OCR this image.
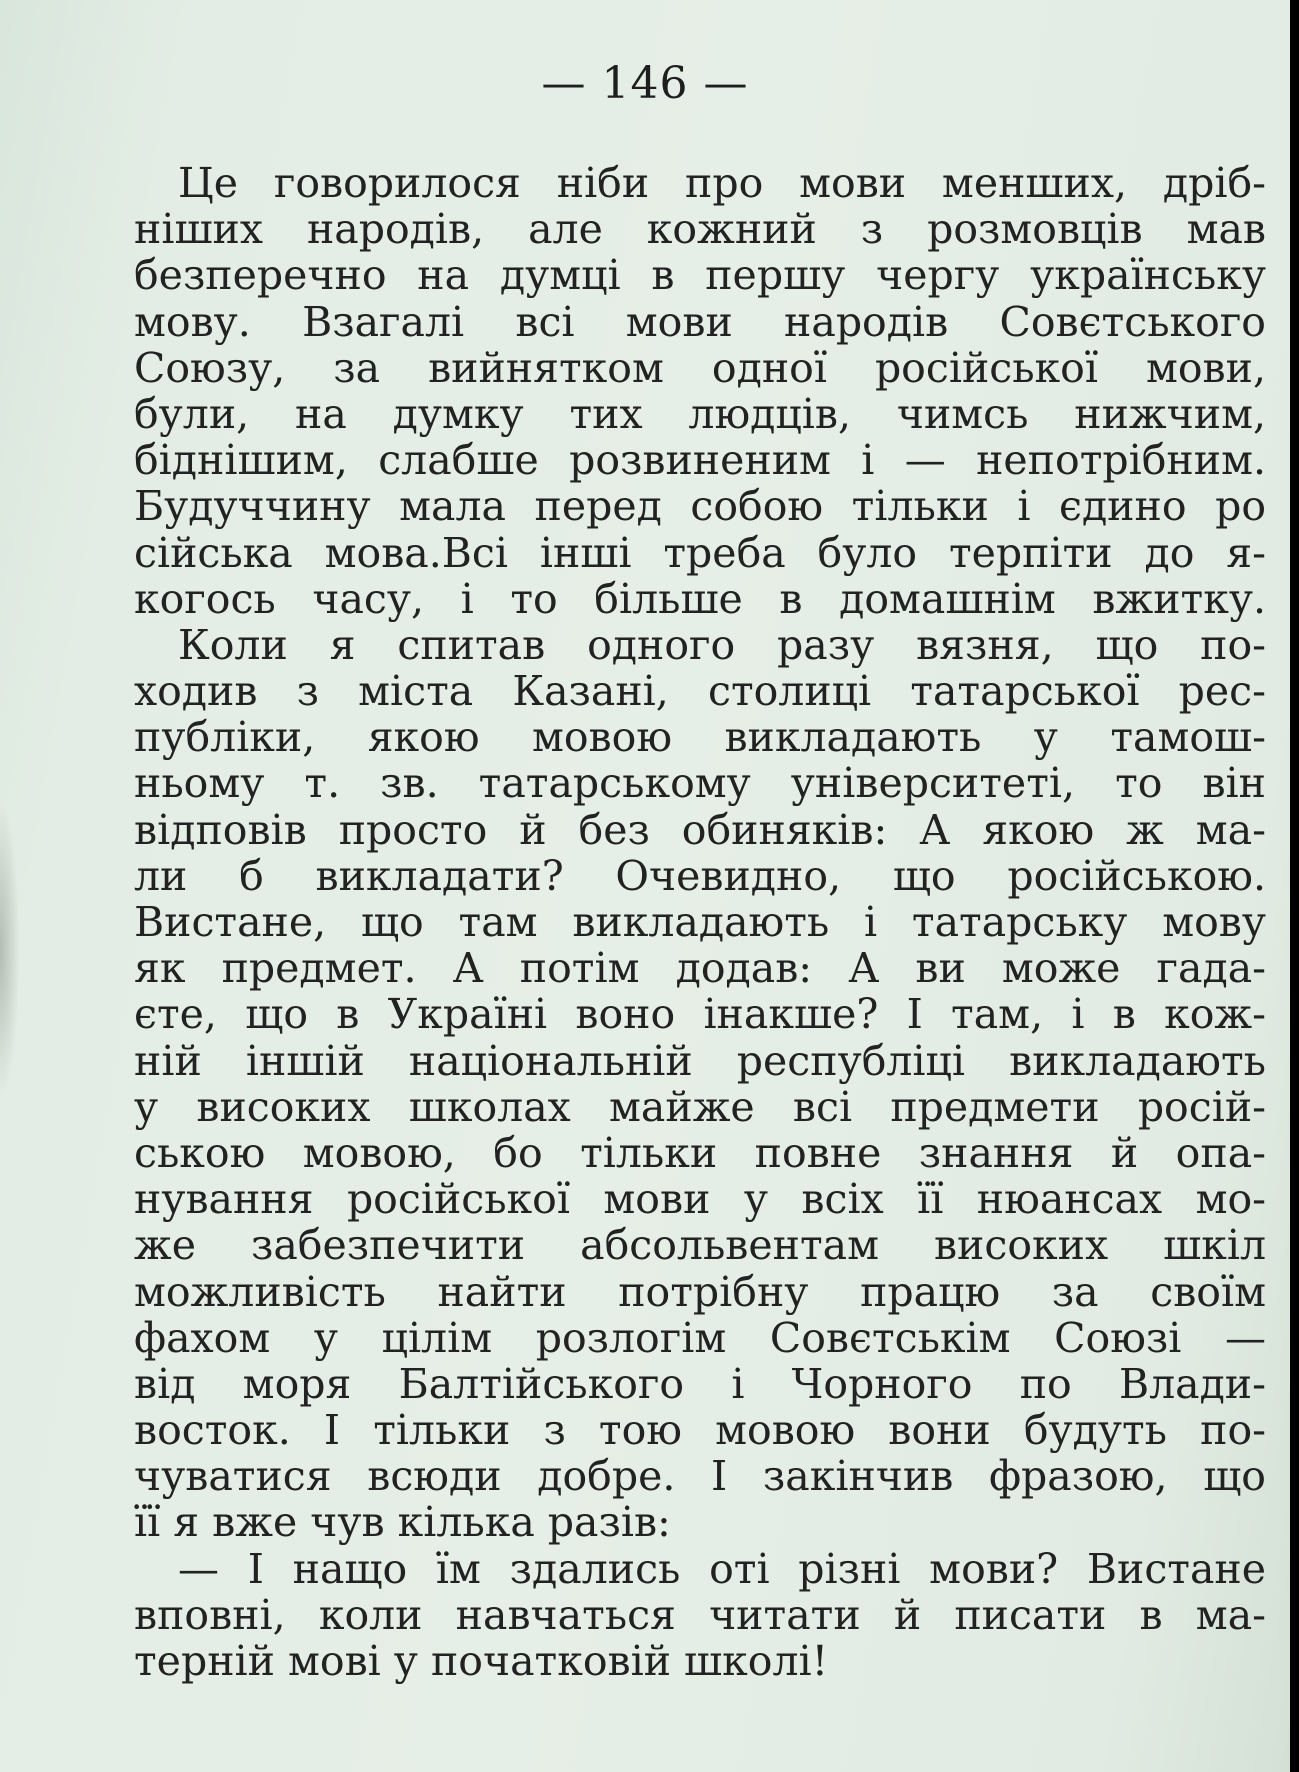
— 146 —
Це говорилося ніби про мови менших, дріб-
ніших народів, але кожний з розмовців мав
безперечно на думці в першу чергу українську
мову. Взагалі всі мови народів Совєтського
Союзу, за вийнятком одної російської мови,
були, на думку тих людців, чимсь нижчим,
біднішим, слабше розвиненим і — непотрібним.
Будуччину мала перед собою тільки і єдино ро
сійська мова.Всі інші треба було терпіти до я-
когось часу, і то більше в домашнім вжитку.
Коли я спитав одного разу вязня, що по-
ходив з міста Казані, столиці татарської рес-
публіки, якою мовою викладають у тамош-
ньому т. зв. татарському університеті, то він
відповів просто й без обиняків: А якою ж ма-
ли б викладати? Очевидно, що російською.
Вистане, що там викладають і татарську мову
як предмет. А потім додав: А ви може гада-
єте, що в Україні воно інакше? І там, і в кож-
ній іншій національній республіці викладають
у високих школах майже всі предмети росій-
ською мовою, бо тільки повне знання й опа-
нування російської мови у всіх її нюансах мо-
же забезпечити абсольвентам високих шкіл
можливість найти потрібну працю за своїм
фахом у цілім розлогім Совєтськім Союзі —
від моря Балтійського і Чорного по Влади-
восток. І тільки з тою мовою вони будуть по-
чуватися всюди добре. І закінчив фразою, що
її я вже чув кілька разів:
— І нащо їм здались оті різні мови? Вистане
вповні, коли навчаться читати й писати в ма-
терній мові у початковій школі!
